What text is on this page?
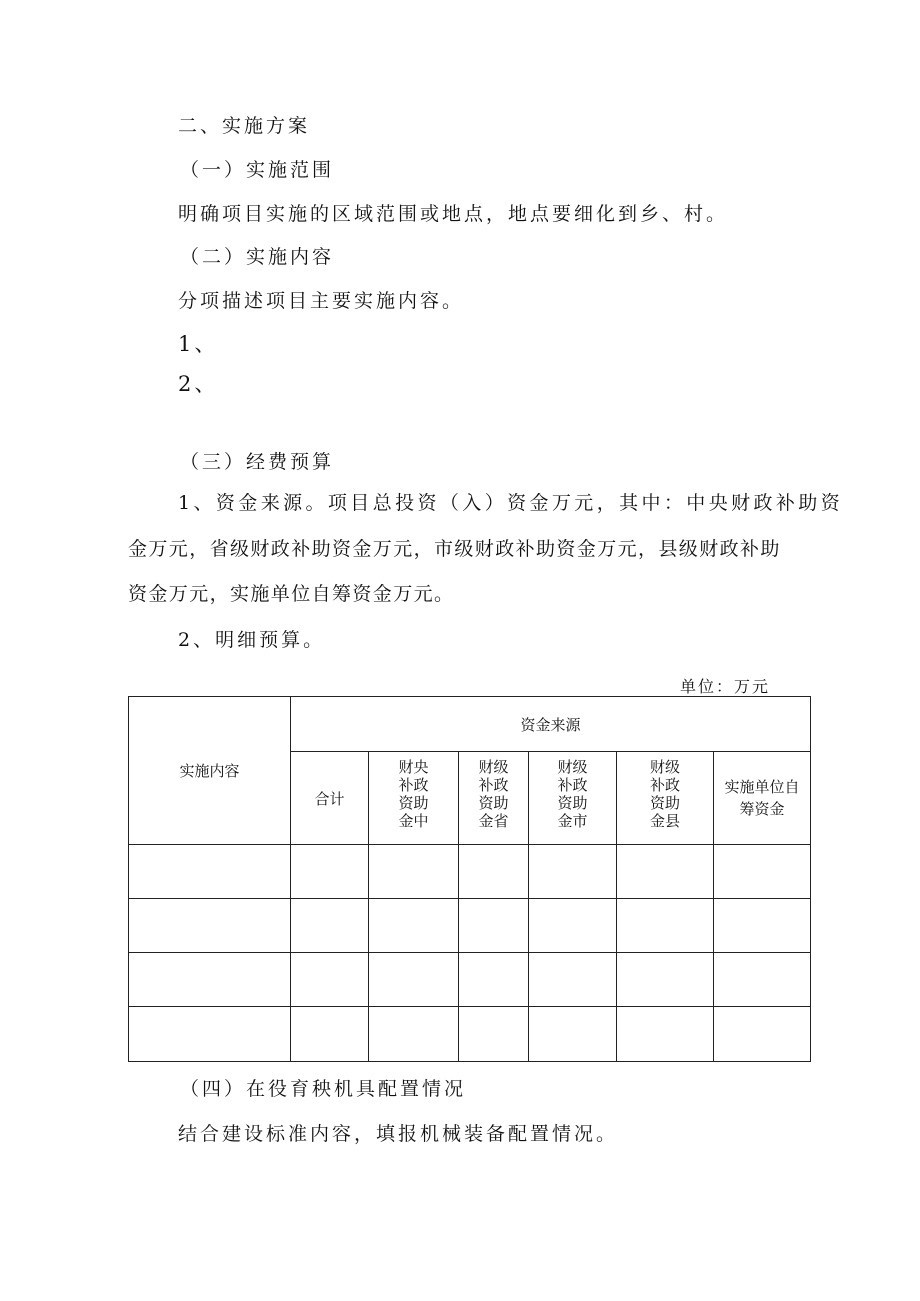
二、实施方案
（一）实施范围
明确项目实施的区域范围或地点，地点要细化到乡、村。
（二）实施内容
分项描述项目主要实施内容。
1、
2、
（三）经费预算
1、资金来源。项目总投资（入）资金万元，其中：中央财政补助资
金万元，省级财政补助资金万元，市级财政补助资金万元，县级财政补助
资金万元，实施单位自筹资金万元。
2、明细预算。
单位：万元
实施内容	资金来源					
	合计	财央补政资助金中	财级补政资助金省	财级补政资助金市	财级补政资助金县	实施单位自
筹资金

（四）在役育秧机具配置情况
结合建设标准内容，填报机械装备配置情况。
